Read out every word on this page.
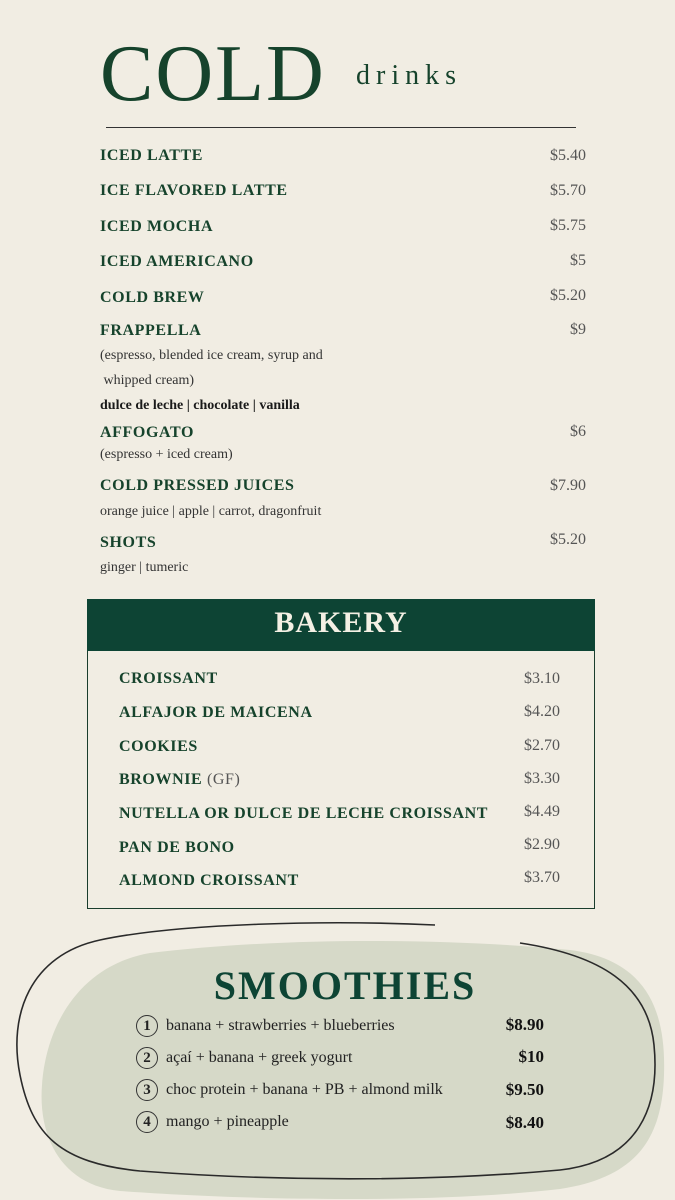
COLD drinks
ICED LATTE	$5.40
ICE FLAVORED LATTE	$5.70
ICED MOCHA	$5.75
ICED AMERICANO	$5
COLD BREW	$5.20
FRAPPELLA	$9
(espresso, blended ice cream, syrup and
whipped cream)
dulce de leche | chocolate | vanilla
AFFOGATO	$6
(espresso + iced cream)
COLD PRESSED JUICES	$7.90
orange juice | apple | carrot, dragonfruit
SHOTS	$5.20
ginger | tumeric
BAKERY
CROISSANT	$3.10
ALFAJOR DE MAICENA	$4.20
COOKIES	$2.70
BROWNIE (GF)	$3.30
NUTELLA OR DULCE DE LECHE CROISSANT	$4.49
PAN DE BONO	$2.90
ALMOND CROISSANT	$3.70
SMOOTHIES
1 banana + strawberries + blueberries	$8.90
2 açaí + banana + greek yogurt	$10
3 choc protein + banana + PB + almond milk	$9.50
4 mango + pineapple	$8.40
